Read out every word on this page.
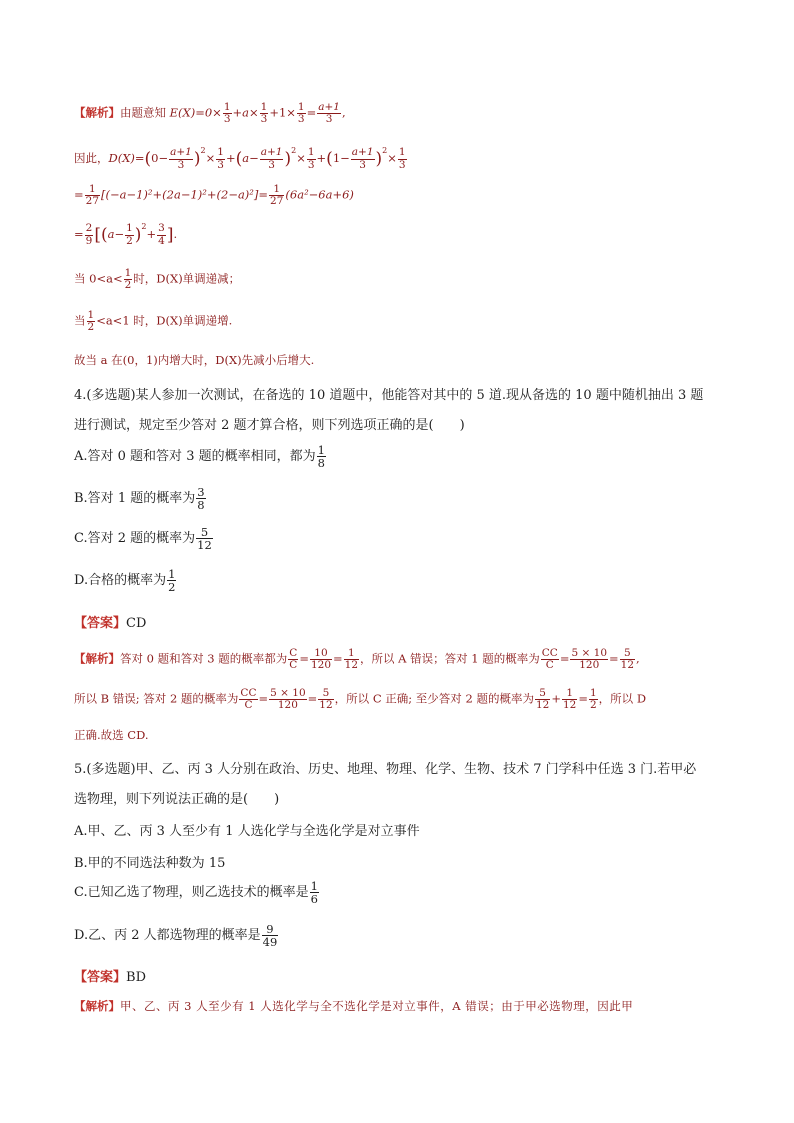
【解析】由题意知 $E(X)=0\times \frac{1}{3} +a\times \frac{1}{3} +1\times \frac{1}{3} = \frac{a+1}{3}$ ,
因此，$D(X)=(0- \frac{a+1}{3} )^2\times \frac{1}{3} +(a- \frac{a+1}{3} )^2\times \frac{1}{3} +(1- \frac{a+1}{3} )^2\times \frac{1}{3}$
= $\frac{1}{27} [(-a-1)^2+(2a-1)^2+(2-a)^2]= \frac{1}{27} (6a^2-6a+6)$
= $\frac{2}{9} [(a- \frac{1}{2} )^2+ \frac{3}{4}$ ].
当 $0<a< \frac{1}{2}$ 时，D(X)单调递减；
当 $\frac{1}{2} <a<1$ 时，D(X)单调递增.
故当 a 在(0，1)内增大时，D(X)先减小后增大.
4.(多选题)某人参加一次测试，在备选的 10 道题中，他能答对其中的 5 道.现从备选的 10 题中随机抽出 3 题
进行测试，规定至少答对 2 题才算合格，则下列选项正确的是(　　)
A.答对 0 题和答对 3 题的概率相同，都为 $\frac{1}{8}$
B.答对 1 题的概率为 $\frac{3}{8}$
C.答对 2 题的概率为 $\frac{5}{12}$
D.合格的概率为 $\frac{1}{2}$
【答案】CD
【解析】答对 0 题和答对 3 题的概率都为 $\frac{C}{C} = \frac{10}{120} = \frac{1}{12}$ ，所以 A 错误；答对 1 题的概率为 $\frac{CC}{C} = \frac{5 \times 10}{120} = \frac{5}{12}$ ,
所以 B 错误; 答对 2 题的概率为 $\frac{CC}{C} = \frac{5 \times 10}{120} = \frac{5}{12}$ ，所以 C 正确; 至少答对 2 题的概率为 $\frac{5}{12} + \frac{1}{12} = \frac{1}{2}$ ，所以 D
正确.故选 CD.
5.(多选题)甲、乙、丙 3 人分别在政治、历史、地理、物理、化学、生物、技术 7 门学科中任选 3 门.若甲必
选物理，则下列说法正确的是(　　)
A.甲、乙、丙 3 人至少有 1 人选化学与全选化学是对立事件
B.甲的不同选法种数为 15
C.已知乙选了物理，则乙选技术的概率是 $\frac{1}{6}$
D.乙、丙 2 人都选物理的概率是 $\frac{9}{49}$
【答案】BD
【解析】甲、乙、丙 3 人至少有 1 人选化学与全不选化学是对立事件，A 错误；由于甲必选物理，因此甲
